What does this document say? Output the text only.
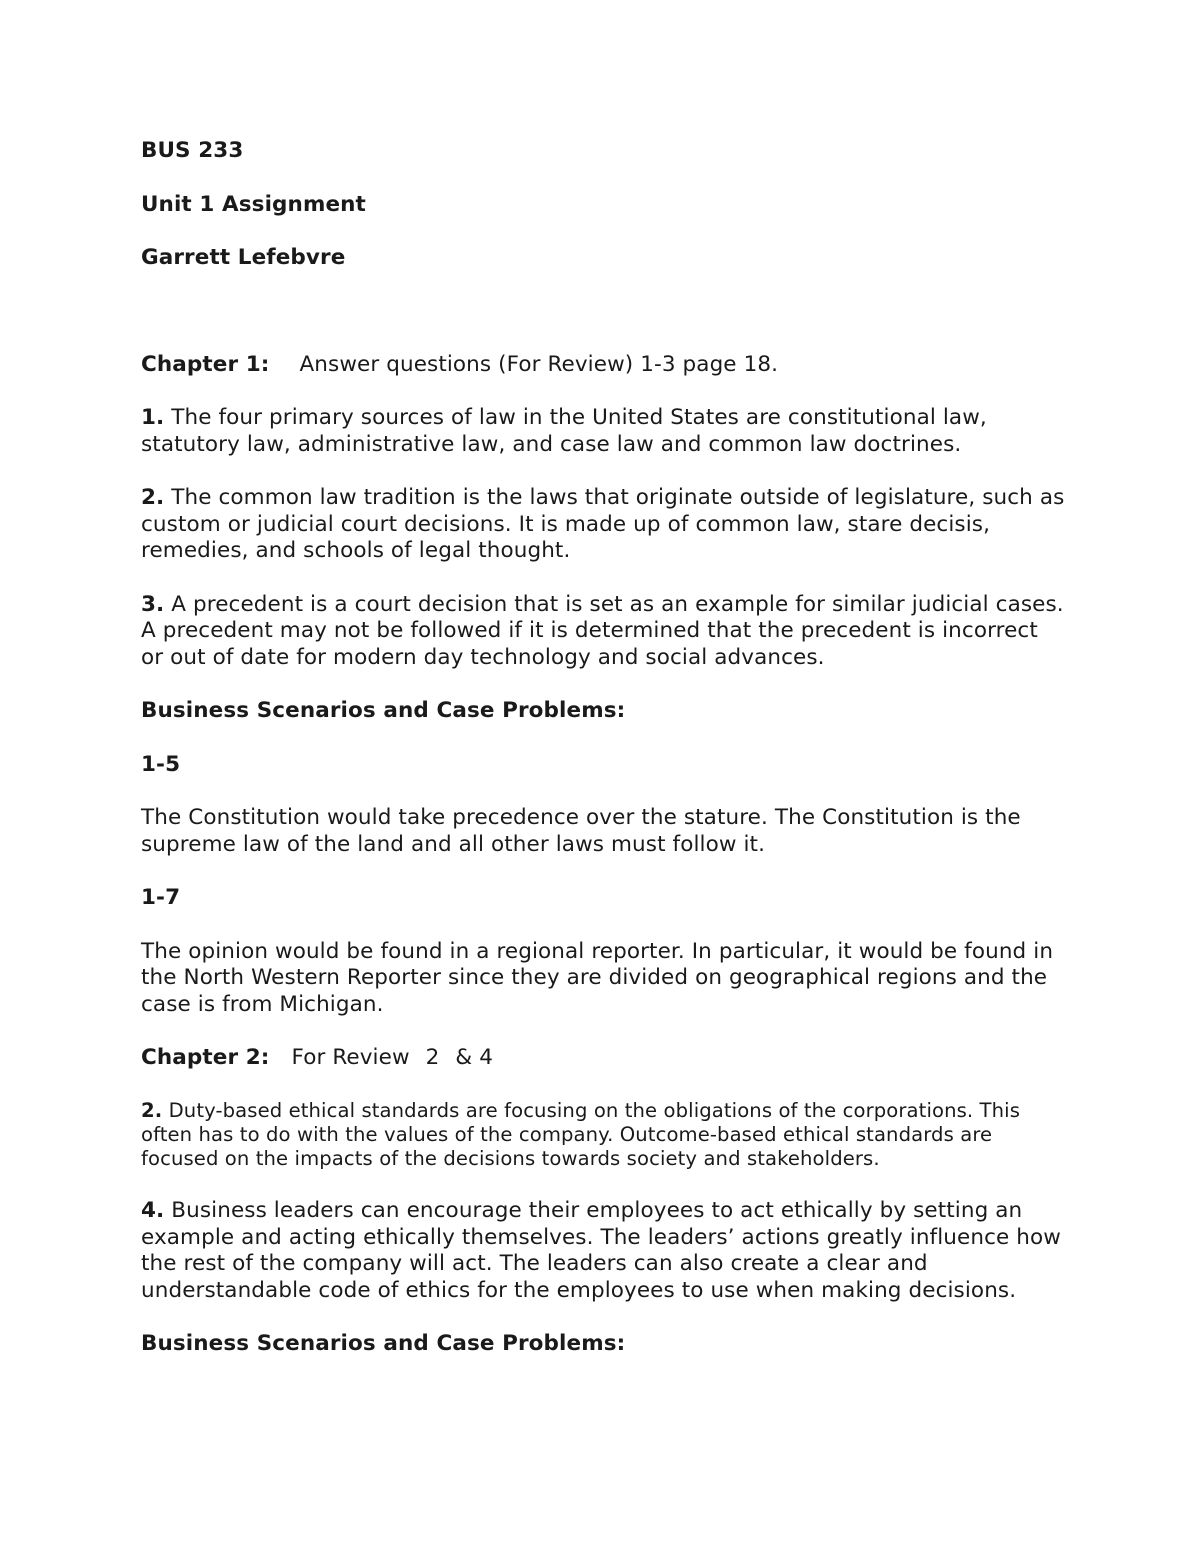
BUS 233

Unit 1 Assignment

Garrett Lefebvre

Chapter 1: Answer questions (For Review) 1-3 page 18.

1. The four primary sources of law in the United States are constitutional law, statutory law, administrative law, and case law and common law doctrines.

2. The common law tradition is the laws that originate outside of legislature, such as custom or judicial court decisions. It is made up of common law, stare decisis, remedies, and schools of legal thought.

3. A precedent is a court decision that is set as an example for similar judicial cases. A precedent may not be followed if it is determined that the precedent is incorrect or out of date for modern day technology and social advances.

Business Scenarios and Case Problems:

1-5

The Constitution would take precedence over the stature. The Constitution is the supreme law of the land and all other laws must follow it.

1-7

The opinion would be found in a regional reporter. In particular, it would be found in the North Western Reporter since they are divided on geographical regions and the case is from Michigan.

Chapter 2: For Review 2 & 4

2. Duty-based ethical standards are focusing on the obligations of the corporations. This often has to do with the values of the company. Outcome-based ethical standards are focused on the impacts of the decisions towards society and stakeholders.

4. Business leaders can encourage their employees to act ethically by setting an example and acting ethically themselves. The leaders’ actions greatly influence how the rest of the company will act. The leaders can also create a clear and understandable code of ethics for the employees to use when making decisions.

Business Scenarios and Case Problems:
